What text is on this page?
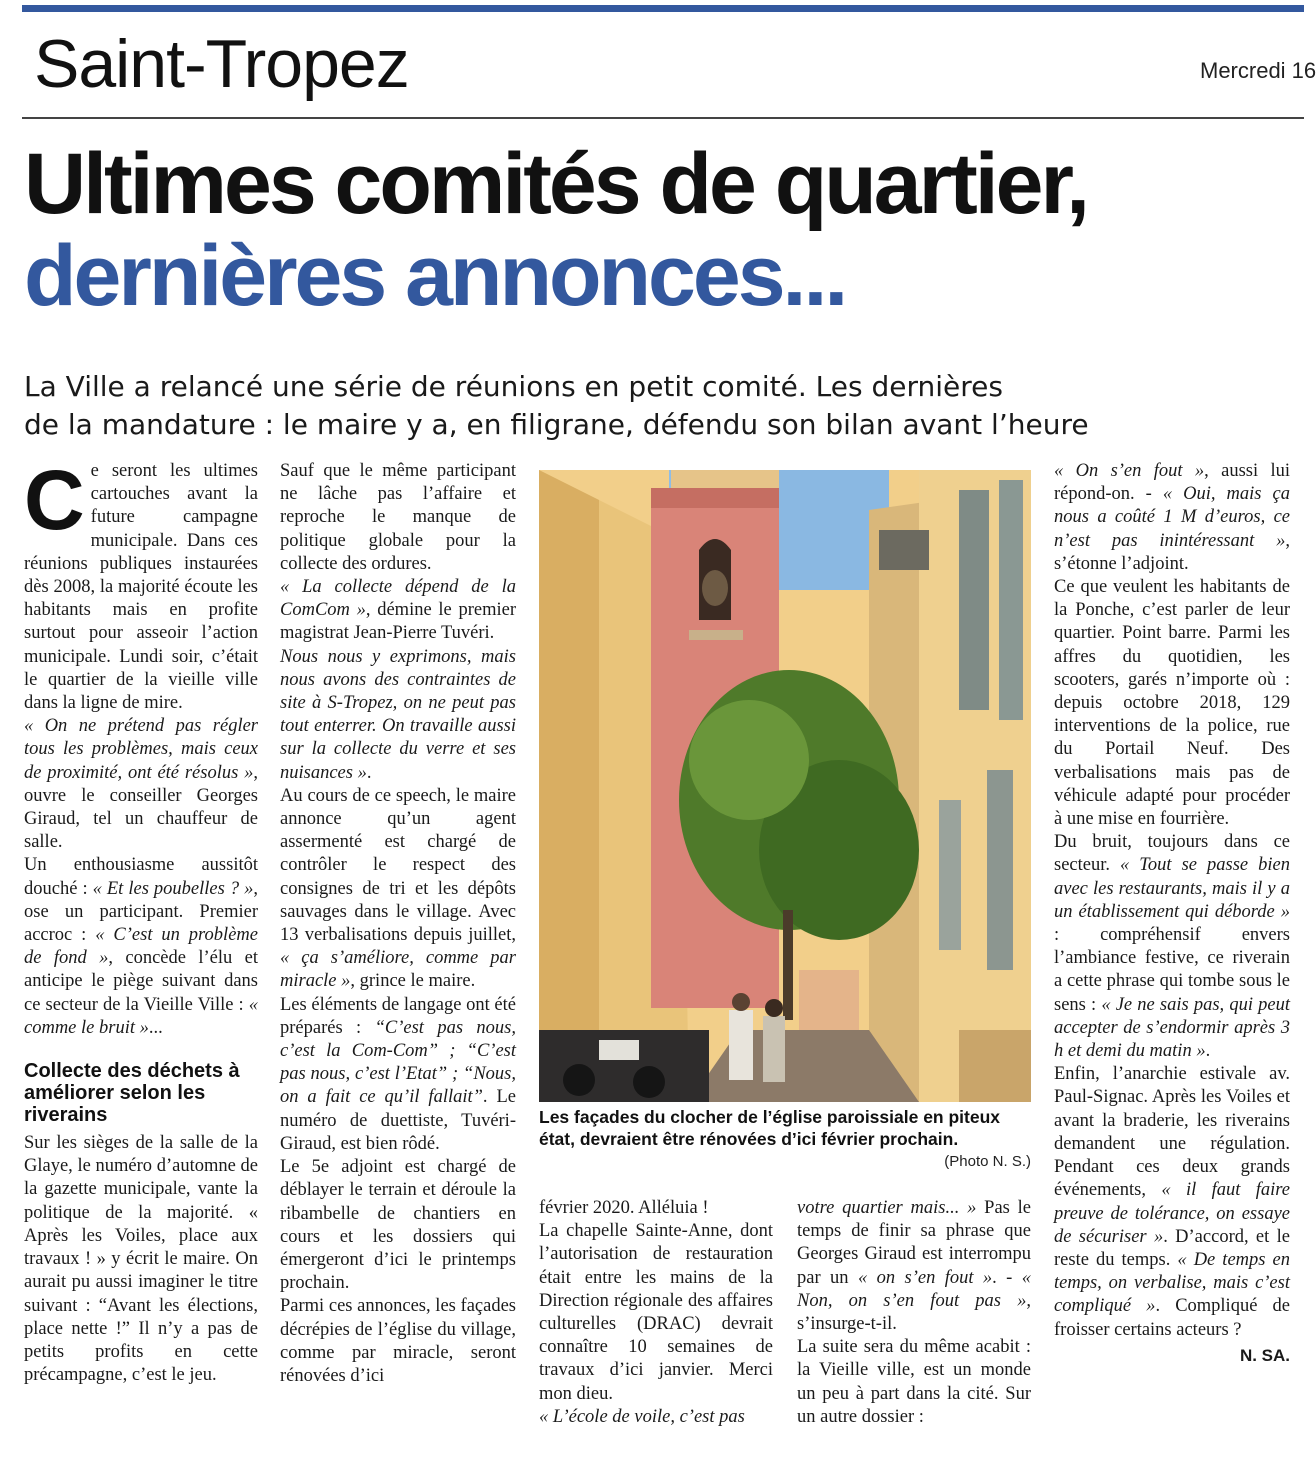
Saint-Tropez	Mercredi 16
Ultimes comités de quartier,
dernières annonces...
La Ville a relancé une série de réunions en petit comité. Les dernières
de la mandature : le maire y a, en filigrane, défendu son bilan avant l’heure

Ce seront les ultimes cartouches avant la future campagne municipale. Dans ces réunions publiques instaurées dès 2008, la majorité écoute les habitants mais en profite surtout pour asseoir l’action municipale. Lundi soir, c’était le quartier de la vieille ville dans la ligne de mire.

« On ne prétend pas régler tous les problèmes, mais ceux de proximité, ont été résolus », ouvre le conseiller Georges Giraud, tel un chauffeur de salle.

Un enthousiasme aussitôt douché : « Et les poubelles ? », ose un participant. Premier accroc : « C’est un problème de fond », concède l’élu et anticipe le piège suivant dans ce secteur de la Vieille Ville : « comme le bruit »...

Collecte des déchets à améliorer selon les riverains

Sur les sièges de la salle de la Glaye, le numéro d’automne de la gazette municipale, vante la politique de la majorité. « Après les Voiles, place aux travaux ! » y écrit le maire. On aurait pu aussi imaginer le titre suivant : “Avant les élections, place nette !” Il n’y a pas de petits profits en cette précampagne, c’est le jeu.

Sauf que le même participant ne lâche pas l’affaire et reproche le manque de politique globale pour la collecte des ordures.

« La collecte dépend de la ComCom », démine le premier magistrat Jean-Pierre Tuvéri.

Nous nous y exprimons, mais nous avons des contraintes de site à S-Tropez, on ne peut pas tout enterrer. On travaille aussi sur la collecte du verre et ses nuisances ».

Au cours de ce speech, le maire annonce qu’un agent assermenté est chargé de contrôler le respect des consignes de tri et les dépôts sauvages dans le village. Avec 13 verbalisations depuis juillet, « ça s’améliore, comme par miracle », grince le maire.

Les éléments de langage ont été préparés : “C’est pas nous, c’est la Com-Com” ; “C’est pas nous, c’est l’Etat” ; “Nous, on a fait ce qu’il fallait”. Le numéro de duettiste, Tuvéri-Giraud, est bien rôdé.

Le 5e adjoint est chargé de déblayer le terrain et déroule la ribambelle de chantiers en cours et les dossiers qui émergeront d’ici le printemps prochain.

Parmi ces annonces, les façades décrépies de l’église du village, comme par miracle, seront rénovées d’ici

Les façades du clocher de l’église paroissiale en piteux état, devraient être rénovées d’ici février prochain.
(Photo N. S.)

février 2020. Alléluia !

La chapelle Sainte-Anne, dont l’autorisation de restauration était entre les mains de la Direction régionale des affaires culturelles (DRAC) devrait connaître 10 semaines de travaux d’ici janvier. Merci mon dieu.

« L’école de voile, c’est pas

votre quartier mais... » Pas le temps de finir sa phrase que Georges Giraud est interrompu par un « on s’en fout ». - « Non, on s’en fout pas », s’insurge-t-il.

La suite sera du même acabit : la Vieille ville, est un monde un peu à part dans la cité. Sur un autre dossier :

« On s’en fout », aussi lui répond-on. - « Oui, mais ça nous a coûté 1 M d’euros, ce n’est pas inintéressant », s’étonne l’adjoint.

Ce que veulent les habitants de la Ponche, c’est parler de leur quartier. Point barre. Parmi les affres du quotidien, les scooters, garés n’importe où : depuis octobre 2018, 129 interventions de la police, rue du Portail Neuf. Des verbalisations mais pas de véhicule adapté pour procéder à une mise en fourrière.

Du bruit, toujours dans ce secteur. « Tout se passe bien avec les restaurants, mais il y a un établissement qui déborde » : compréhensif envers l’ambiance festive, ce riverain a cette phrase qui tombe sous le sens : « Je ne sais pas, qui peut accepter de s’endormir après 3 h et demi du matin ».

Enfin, l’anarchie estivale av. Paul-Signac. Après les Voiles et avant la braderie, les riverains demandent une régulation. Pendant ces deux grands événements, « il faut faire preuve de tolérance, on essaye de sécuriser ». D’accord, et le reste du temps. « De temps en temps, on verbalise, mais c’est compliqué ». Compliqué de froisser certains acteurs ?

N. SA.
